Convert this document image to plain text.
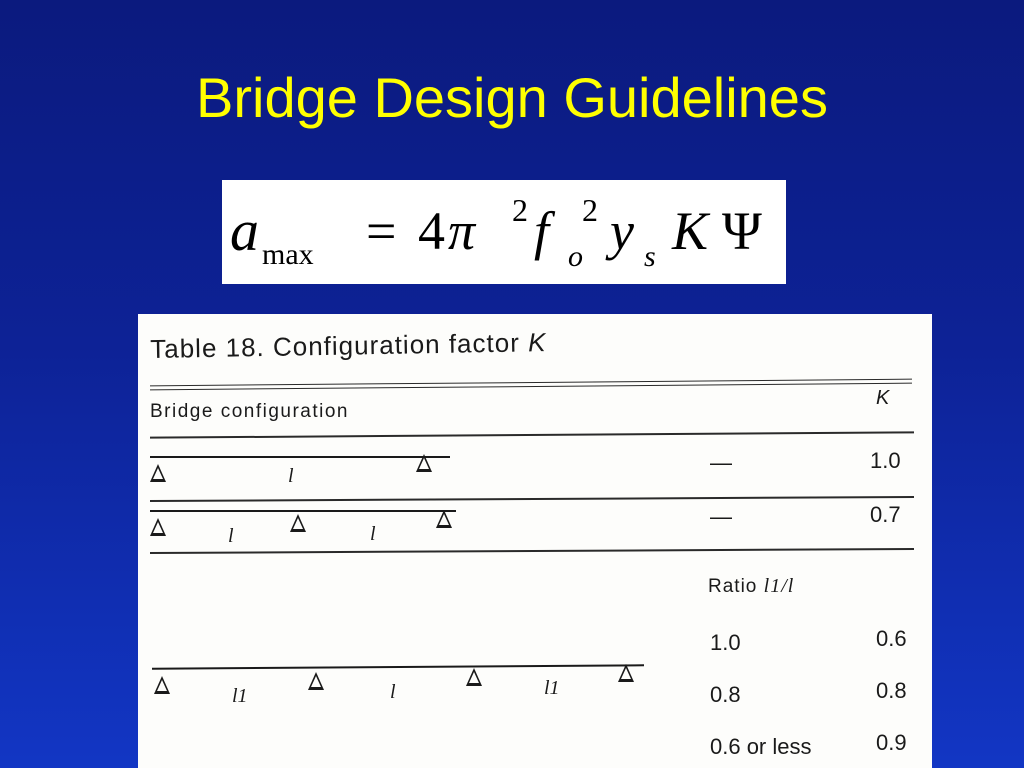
Bridge Design Guidelines
a max = 4 π 2 f o
2 y s K Ψ
Table 18. Configuration factor K
Bridge configuration
K
l
—	1.0
l	l
—	0.7
Ratio l1/l
l1	l	l1
1.0	0.6
0.8	0.8
0.6 or less	0.9
